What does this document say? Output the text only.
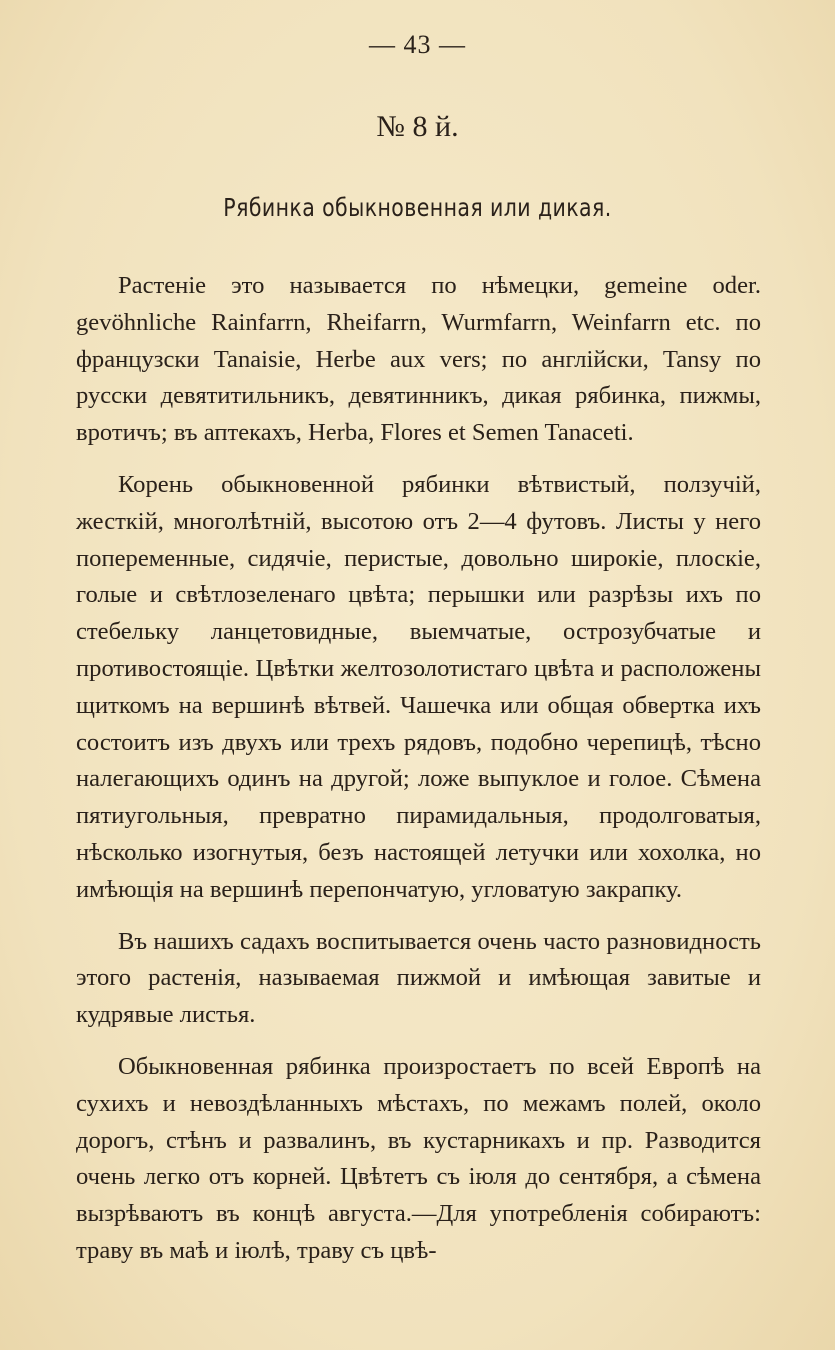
— 43 —
№ 8 й.
Рябинка обыкновенная или дикая.

Растенiе это называется по нѣмецки, gemeine oder. gevöhnliche Rainfarrn, Rheifarrn, Wurmfarrn, Weinfarrn etc. по французски Tanaisie, Herbe aux vers; по англiйски, Tansy по русски девятитильникъ, девятинникъ, дикая рябинка, пижмы, вротичъ; въ аптекахъ, Herba, Flores et Semen Tanaceti.

Корень обыкновенной рябинки вѣтвистый, ползучiй, жесткiй, многолѣтнiй, высотою отъ 2—4 футовъ. Листы у него попеременные, сидячiе, перистые, довольно широкiе, плоскiе, голые и свѣтлозеленаго цвѣта; перышки или разрѣзы ихъ по стебельку ланцетовидные, выемчатые, острозубчатые и противостоящiе. Цвѣтки желтозолотистаго цвѣта и расположены щиткомъ на вершинѣ вѣтвей. Чашечка или общая обвертка ихъ состоитъ изъ двухъ или трехъ рядовъ, подобно черепицѣ, тѣсно налегающихъ одинъ на другой; ложе выпуклое и голое. Сѣмена пятиугольныя, превратно пирамидальныя, продолговатыя, нѣсколько изогнутыя, безъ настоящей летучки или хохолка, но имѣющiя на вершинѣ перепончатую, угловатую закрапку.

Въ нашихъ садахъ воспитывается очень часто разновидность этого растенiя, называемая пижмой и имѣющая завитые и кудрявые листья.

Обыкновенная рябинка произростаетъ по всей Европѣ на сухихъ и невоздѣланныхъ мѣстахъ, по межамъ полей, около дорогъ, стѣнъ и развалинъ, въ кустарникахъ и пр. Разводится очень легко отъ корней. Цвѣтетъ съ iюля до сентября, а сѣмена вызрѣваютъ въ концѣ августа.—Для употребленiя собираютъ: траву въ маѣ и iюлѣ, траву съ цвѣ-
